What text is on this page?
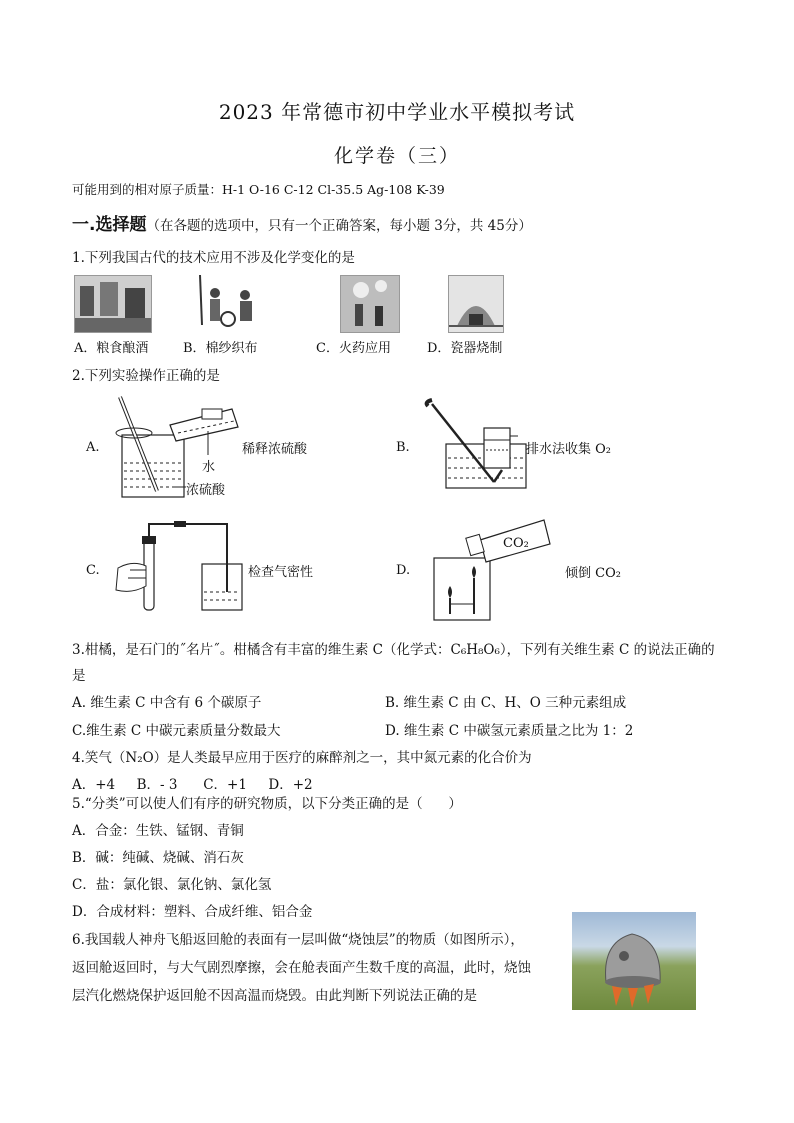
2023 年常德市初中学业水平模拟考试
化学卷（三）
可能用到的相对原子质量：H-1 O-16 C-12 Cl-35.5 Ag-108 K-39
一.选择题（在各题的选项中，只有一个正确答案，每小题 3分，共 45分）
1.下列我国古代的技术应用不涉及化学变化的是
A．粮食酿酒	B．棉纱织布	C．火药应用	D．瓷器烧制
2.下列实验操作正确的是
A.	稀释浓硫酸
水
浓硫酸
B.	排水法收集 O₂
C.	检查气密性	D.
CO₂
倾倒 CO₂
3.柑橘，是石门的˝名片˝。柑橘含有丰富的维生素 C（化学式：C₆H₈O₆），下列有关维生素 C 的说法正确的
是
A. 维生素 C 中含有 6 个碳原子	B. 维生素 C 由 C、H、O 三种元素组成
C.维生素 C 中碳元素质量分数最大	D. 维生素 C 中碳氢元素质量之比为 1：2
4.笑气（N₂O）是人类最早应用于医疗的麻醉剂之一，其中氮元素的化合价为
A．+4     B．- 3      C．+1     D．+2
5.“分类”可以使人们有序的研究物质，以下分类正确的是（      ）
A．合金：生铁、锰钢、青铜
B．碱：纯碱、烧碱、消石灰
C．盐：氯化银、氯化钠、氯化氢
D．合成材料：塑料、合成纤维、铝合金
6.我国载人神舟飞船返回舱的表面有一层叫做“烧蚀层”的物质（如图所示），
返回舱返回时，与大气剧烈摩擦，会在舱表面产生数千度的高温，此时，烧蚀
层汽化燃烧保护返回舱不因高温而烧毁。由此判断下列说法正确的是
